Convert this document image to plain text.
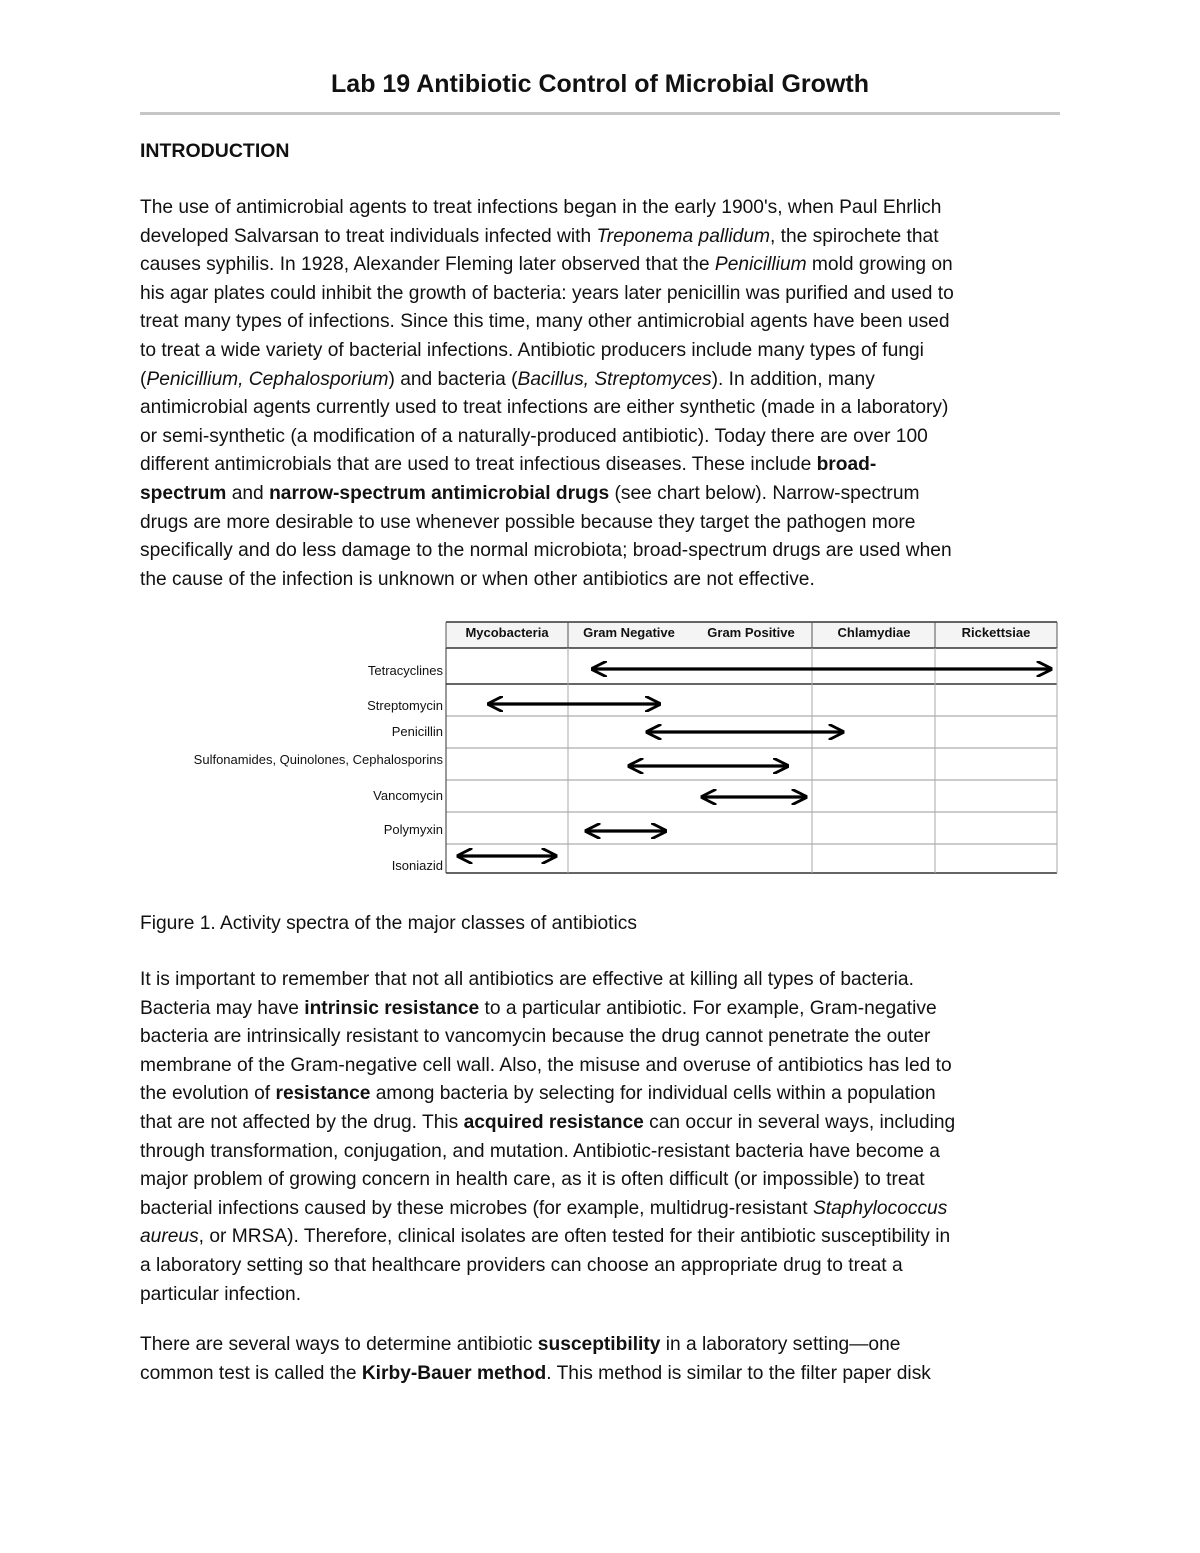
Lab 19 Antibiotic Control of Microbial Growth
INTRODUCTION

The use of antimicrobial agents to treat infections began in the early 1900's, when Paul Ehrlich

developed Salvarsan to treat individuals infected with Treponema pallidum, the spirochete that

causes syphilis. In 1928, Alexander Fleming later observed that the Penicillium mold growing on

his agar plates could inhibit the growth of bacteria: years later penicillin was purified and used to

treat many types of infections. Since this time, many other antimicrobial agents have been used

to treat a wide variety of bacterial infections. Antibiotic producers include many types of fungi

(Penicillium, Cephalosporium) and bacteria (Bacillus, Streptomyces). In addition, many

antimicrobial agents currently used to treat infections are either synthetic (made in a laboratory)

or semi-synthetic (a modification of a naturally-produced antibiotic). Today there are over 100

different antimicrobials that are used to treat infectious diseases. These include broad-

spectrum and narrow-spectrum antimicrobial drugs (see chart below). Narrow-spectrum

drugs are more desirable to use whenever possible because they target the pathogen more

specifically and do less damage to the normal microbiota; broad-spectrum drugs are used when

the cause of the infection is unknown or when other antibiotics are not effective.

Mycobacteria	Gram Negative Gram Positive	Chlamydiae	Rickettsiae
Tetracyclines
Streptomycin
Penicillin
Sulfonamides, Quinolones, Cephalosporins
Vancomycin
Polymyxin
Isoniazid
Figure 1. Activity spectra of the major classes of antibiotics

It is important to remember that not all antibiotics are effective at killing all types of bacteria.

Bacteria may have intrinsic resistance to a particular antibiotic. For example, Gram-negative

bacteria are intrinsically resistant to vancomycin because the drug cannot penetrate the outer

membrane of the Gram-negative cell wall. Also, the misuse and overuse of antibiotics has led to

the evolution of resistance among bacteria by selecting for individual cells within a population

that are not affected by the drug. This acquired resistance can occur in several ways, including

through transformation, conjugation, and mutation. Antibiotic-resistant bacteria have become a

major problem of growing concern in health care, as it is often difficult (or impossible) to treat

bacterial infections caused by these microbes (for example, multidrug-resistant Staphylococcus

aureus, or MRSA). Therefore, clinical isolates are often tested for their antibiotic susceptibility in

a laboratory setting so that healthcare providers can choose an appropriate drug to treat a

particular infection.

There are several ways to determine antibiotic susceptibility in a laboratory setting—one

common test is called the Kirby-Bauer method. This method is similar to the filter paper disk
